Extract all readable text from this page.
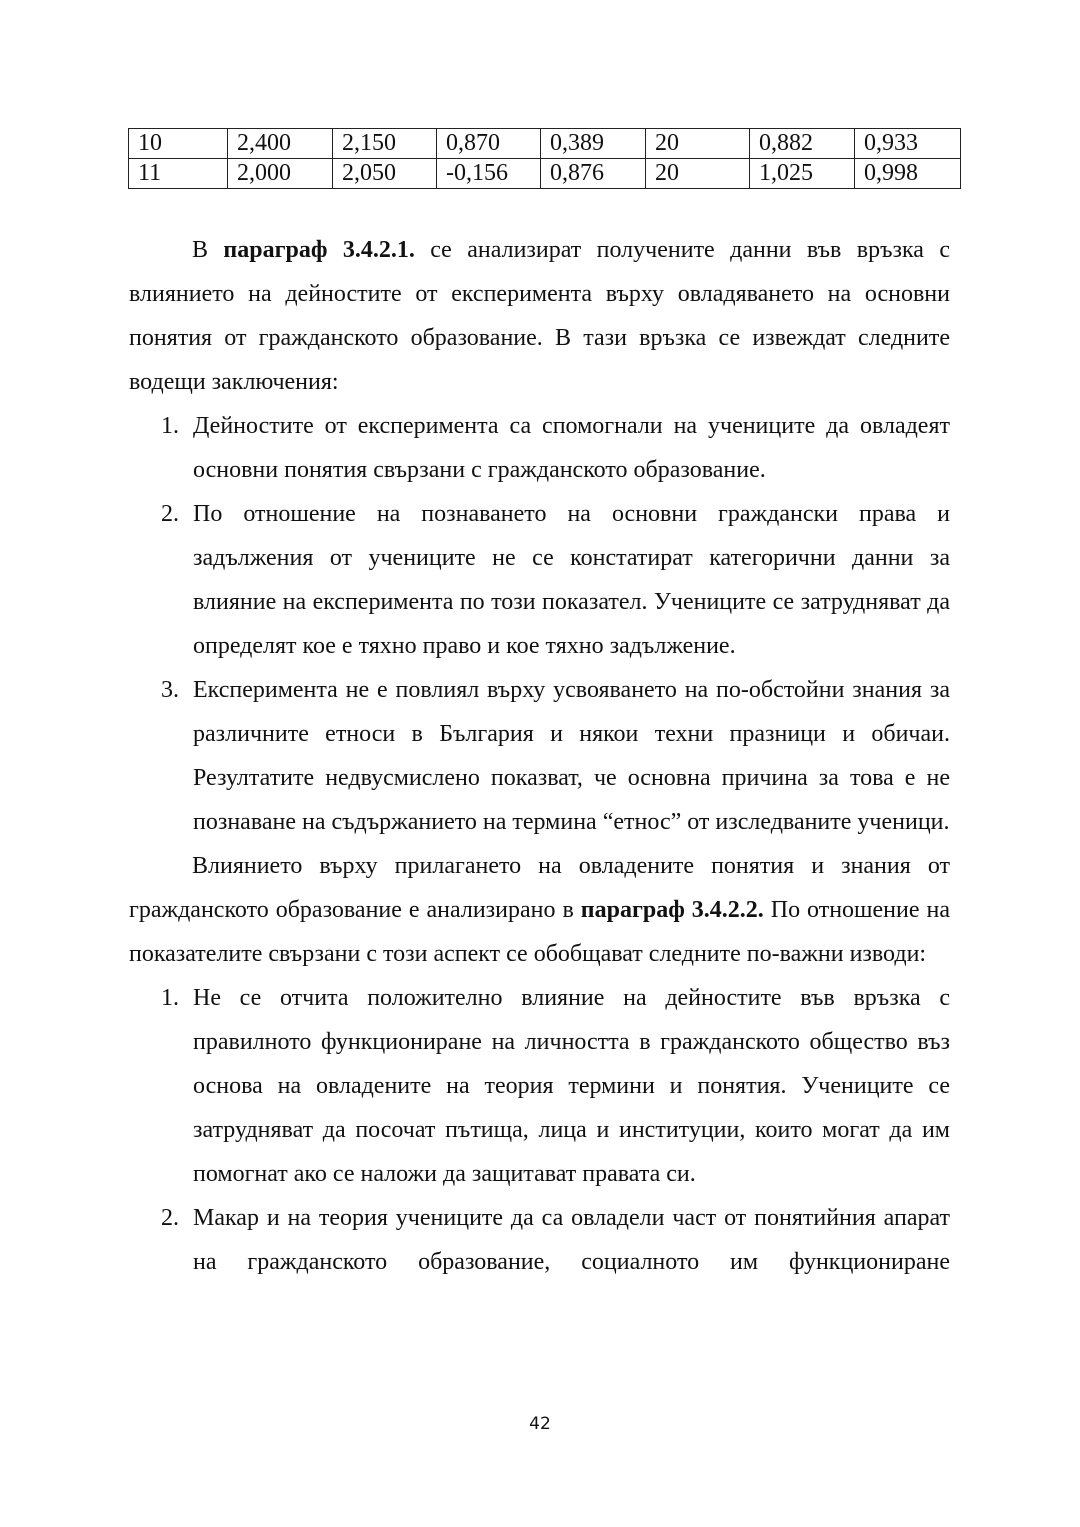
10	2,400	2,150	0,870	0,389	20	0,882	0,933
11	2,000	2,050	-0,156	0,876	20	1,025	0,998

В параграф 3.4.2.1. се анализират получените данни във връзка с влиянието на дейностите от експеримента върху овладяването на основни понятия от гражданското образование. В тази връзка се извеждат следните водещи заключения:

1. Дейностите от експеримента са спомогнали на учениците да овладеят основни понятия свързани с гражданското образование.
2. По отношение на познаването на основни граждански права и задължения от учениците не се констатират категорични данни за влияние на експеримента по този показател. Учениците се затрудняват да определят кое е тяхно право и кое тяхно задължение.
3. Експеримента не е повлиял върху усвояването на по-обстойни знания за различните етноси в България и някои техни празници и обичаи. Резултатите недвусмислено показват, че основна причина за това е не познаване на съдържанието на термина “етнос” от изследваните ученици.

Влиянието върху прилагането на овладените понятия и знания от гражданското образование е анализирано в параграф 3.4.2.2. По отношение на показателите свързани с този аспект се обобщават следните по-важни изводи:

1. Не се отчита положително влияние на дейностите във връзка с правилното функциониране на личността в гражданското общество въз основа на овладените на теория термини и понятия. Учениците се затрудняват да посочат пътища, лица и институции, които могат да им помогнат ако се наложи да защитават правата си.
2. Макар и на теория учениците да са овладели част от понятийния апарат на гражданското образование, социалното им функциониране
42
